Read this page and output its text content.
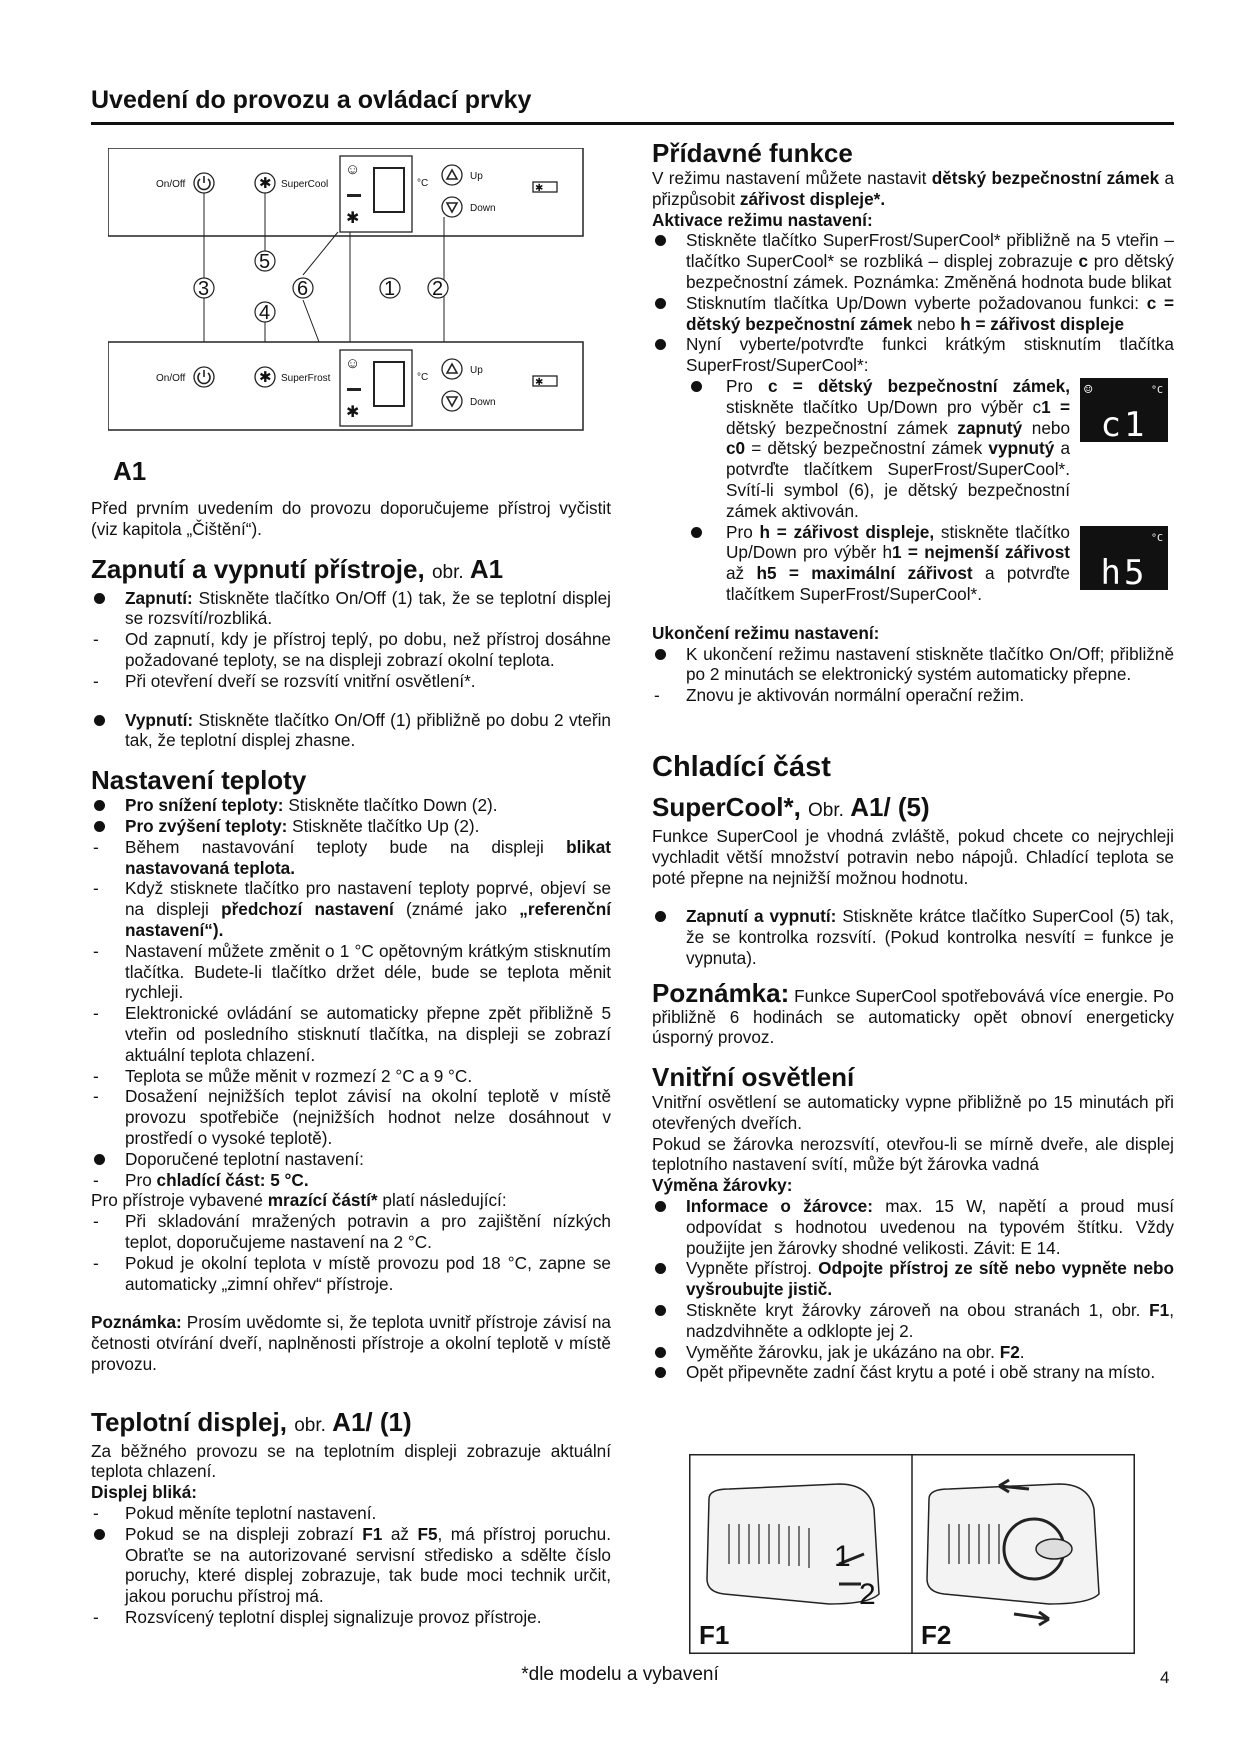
Uvedení do provozu a ovládací prvky
On/Off	✱ SuperCool
☺
✱
°C
Up
Down
✱
5
3	6	1 2
4
On/Off	✱ SuperFrost
☺
✱
°C
Up
Down
✱
A1

Před prvním uvedením do provozu doporučujeme přístroj vyčistit (viz kapitola „Čištění“).

Zapnutí a vypnutí přístroje, obr. A1
Zapnutí: Stiskněte tlačítko On/Off (1) tak, že se teplotní displej se rozsvítí/rozbliká.
-	Od zapnutí, kdy je přístroj teplý, po dobu, než přístroj dosáhne požadované teploty, se na displeji zobrazí okolní teplota.
-	Při otevření dveří se rozsvítí vnitřní osvětlení*.
Vypnutí: Stiskněte tlačítko On/Off (1) přibližně po dobu 2 vteřin tak, že teplotní displej zhasne.
Nastavení teploty
Pro snížení teploty: Stiskněte tlačítko Down (2).
Pro zvýšení teploty: Stiskněte tlačítko Up (2).
-	Během nastavování teploty bude na displeji blikat nastavovaná teplota.
-	Když stisknete tlačítko pro nastavení teploty poprvé, objeví se na displeji předchozí nastavení (známé jako „referenční nastavení“).
-	Nastavení můžete změnit o 1 °C opětovným krátkým stisknutím tlačítka. Budete-li tlačítko držet déle, bude se teplota měnit rychleji.
-	Elektronické ovládání se automaticky přepne zpět přibližně 5 vteřin od posledního stisknutí tlačítka, na displeji se zobrazí aktuální teplota chlazení.
-	Teplota se může měnit v rozmezí 2 °C a 9 °C.
-	Dosažení nejnižších teplot závisí na okolní teplotě v místě provozu spotřebiče (nejnižších hodnot nelze dosáhnout v prostředí o vysoké teplotě).
Doporučené teplotní nastavení:
-	Pro chladící část: 5 °C.

Pro přístroje vybavené mrazící částí* platí následující:

-	Při skladování mražených potravin a pro zajištění nízkých teplot, doporučujeme nastavení na 2 °C.
-	Pokud je okolní teplota v místě provozu pod 18 °C, zapne se automaticky „zimní ohřev“ přístroje.

Poznámka: Prosím uvědomte si, že teplota uvnitř přístroje závisí na četnosti otvírání dveří, naplněnosti přístroje a okolní teplotě v místě provozu.

Teplotní displej, obr. A1/ (1)

Za běžného provozu se na teplotním displeji zobrazuje aktuální teplota chlazení.

Displej bliká:

-	Pokud měníte teplotní nastavení.
Pokud se na displeji zobrazí F1 až F5, má přístroj poruchu. Obraťte se na autorizované servisní středisko a sdělte číslo poruchy, které displej zobrazuje, tak bude moci technik určit, jakou poruchu přístroj má.
-	Rozsvícený teplotní displej signalizuje provoz přístroje.
Přídavné funkce

V režimu nastavení můžete nastavit dětský bezpečnostní zámek a přizpůsobit zářivost displeje*.

Aktivace režimu nastavení:

Stiskněte tlačítko SuperFrost/SuperCool* přibližně na 5 vteřin – tlačítko SuperCool* se rozbliká – displej zobrazuje c pro dětský bezpečnostní zámek. Poznámka: Změněná hodnota bude blikat
Stisknutím tlačítka Up/Down vyberte požadovanou funkci: c = dětský bezpečnostní zámek nebo h = zářivost displeje
Nyní vyberte/potvrďte funkci krátkým stisknutím tlačítka SuperFrost/SuperCool*:
☺	°C
c1
Pro c = dětský bezpečnostní zámek, stiskněte tlačítko Up/Down pro výběr c1 = dětský bezpečnostní zámek zapnutý nebo c0 = dětský bezpečnostní zámek vypnutý a potvrďte tlačítkem SuperFrost/SuperCool*. Svítí-li symbol (6), je dětský bezpečnostní zámek aktivován.
°C
h5
Pro h = zářivost displeje, stiskněte tlačítko Up/Down pro výběr h1 = nejmenší zářivost až h5 = maximální zářivost a potvrďte tlačítkem SuperFrost/SuperCool*.

Ukončení režimu nastavení:

K ukončení režimu nastavení stiskněte tlačítko On/Off; přibližně po 2 minutách se elektronický systém automaticky přepne.
-	Znovu je aktivován normální operační režim.
Chladící část
SuperCool*, Obr. A1/ (5)

Funkce SuperCool je vhodná zvláště, pokud chcete co nejrychleji vychladit větší množství potravin nebo nápojů. Chladící teplota se poté přepne na nejnižší možnou hodnotu.

Zapnutí a vypnutí: Stiskněte krátce tlačítko SuperCool (5) tak, že se kontrolka rozsvítí. (Pokud kontrolka nesvítí = funkce je vypnuta).

Poznámka: Funkce SuperCool spotřebovává více energie. Po přibližně 6 hodinách se automaticky opět obnoví energeticky úsporný provoz.

Vnitřní osvětlení

Vnitřní osvětlení se automaticky vypne přibližně po 15 minutách při otevřených dveřích.

Pokud se žárovka nerozsvítí, otevřou-li se mírně dveře, ale displej teplotního nastavení svítí, může být žárovka vadná

Výměna žárovky:

Informace o žárovce: max. 15 W, napětí a proud musí odpovídat s hodnotou uvedenou na typovém štítku. Vždy použijte jen žárovky shodné velikosti. Závit: E 14.
Vypněte přístroj. Odpojte přístroj ze sítě nebo vypněte nebo vyšroubujte jistič.
Stiskněte kryt žárovky zároveň na obou stranách 1, obr. F1, nadzdvihněte a odklopte jej 2.
Vyměňte žárovku, jak je ukázáno na obr. F2.
Opět připevněte zadní část krytu a poté i obě strany na místo.
1
2
F1	F2
*dle modelu a vybavení	4
